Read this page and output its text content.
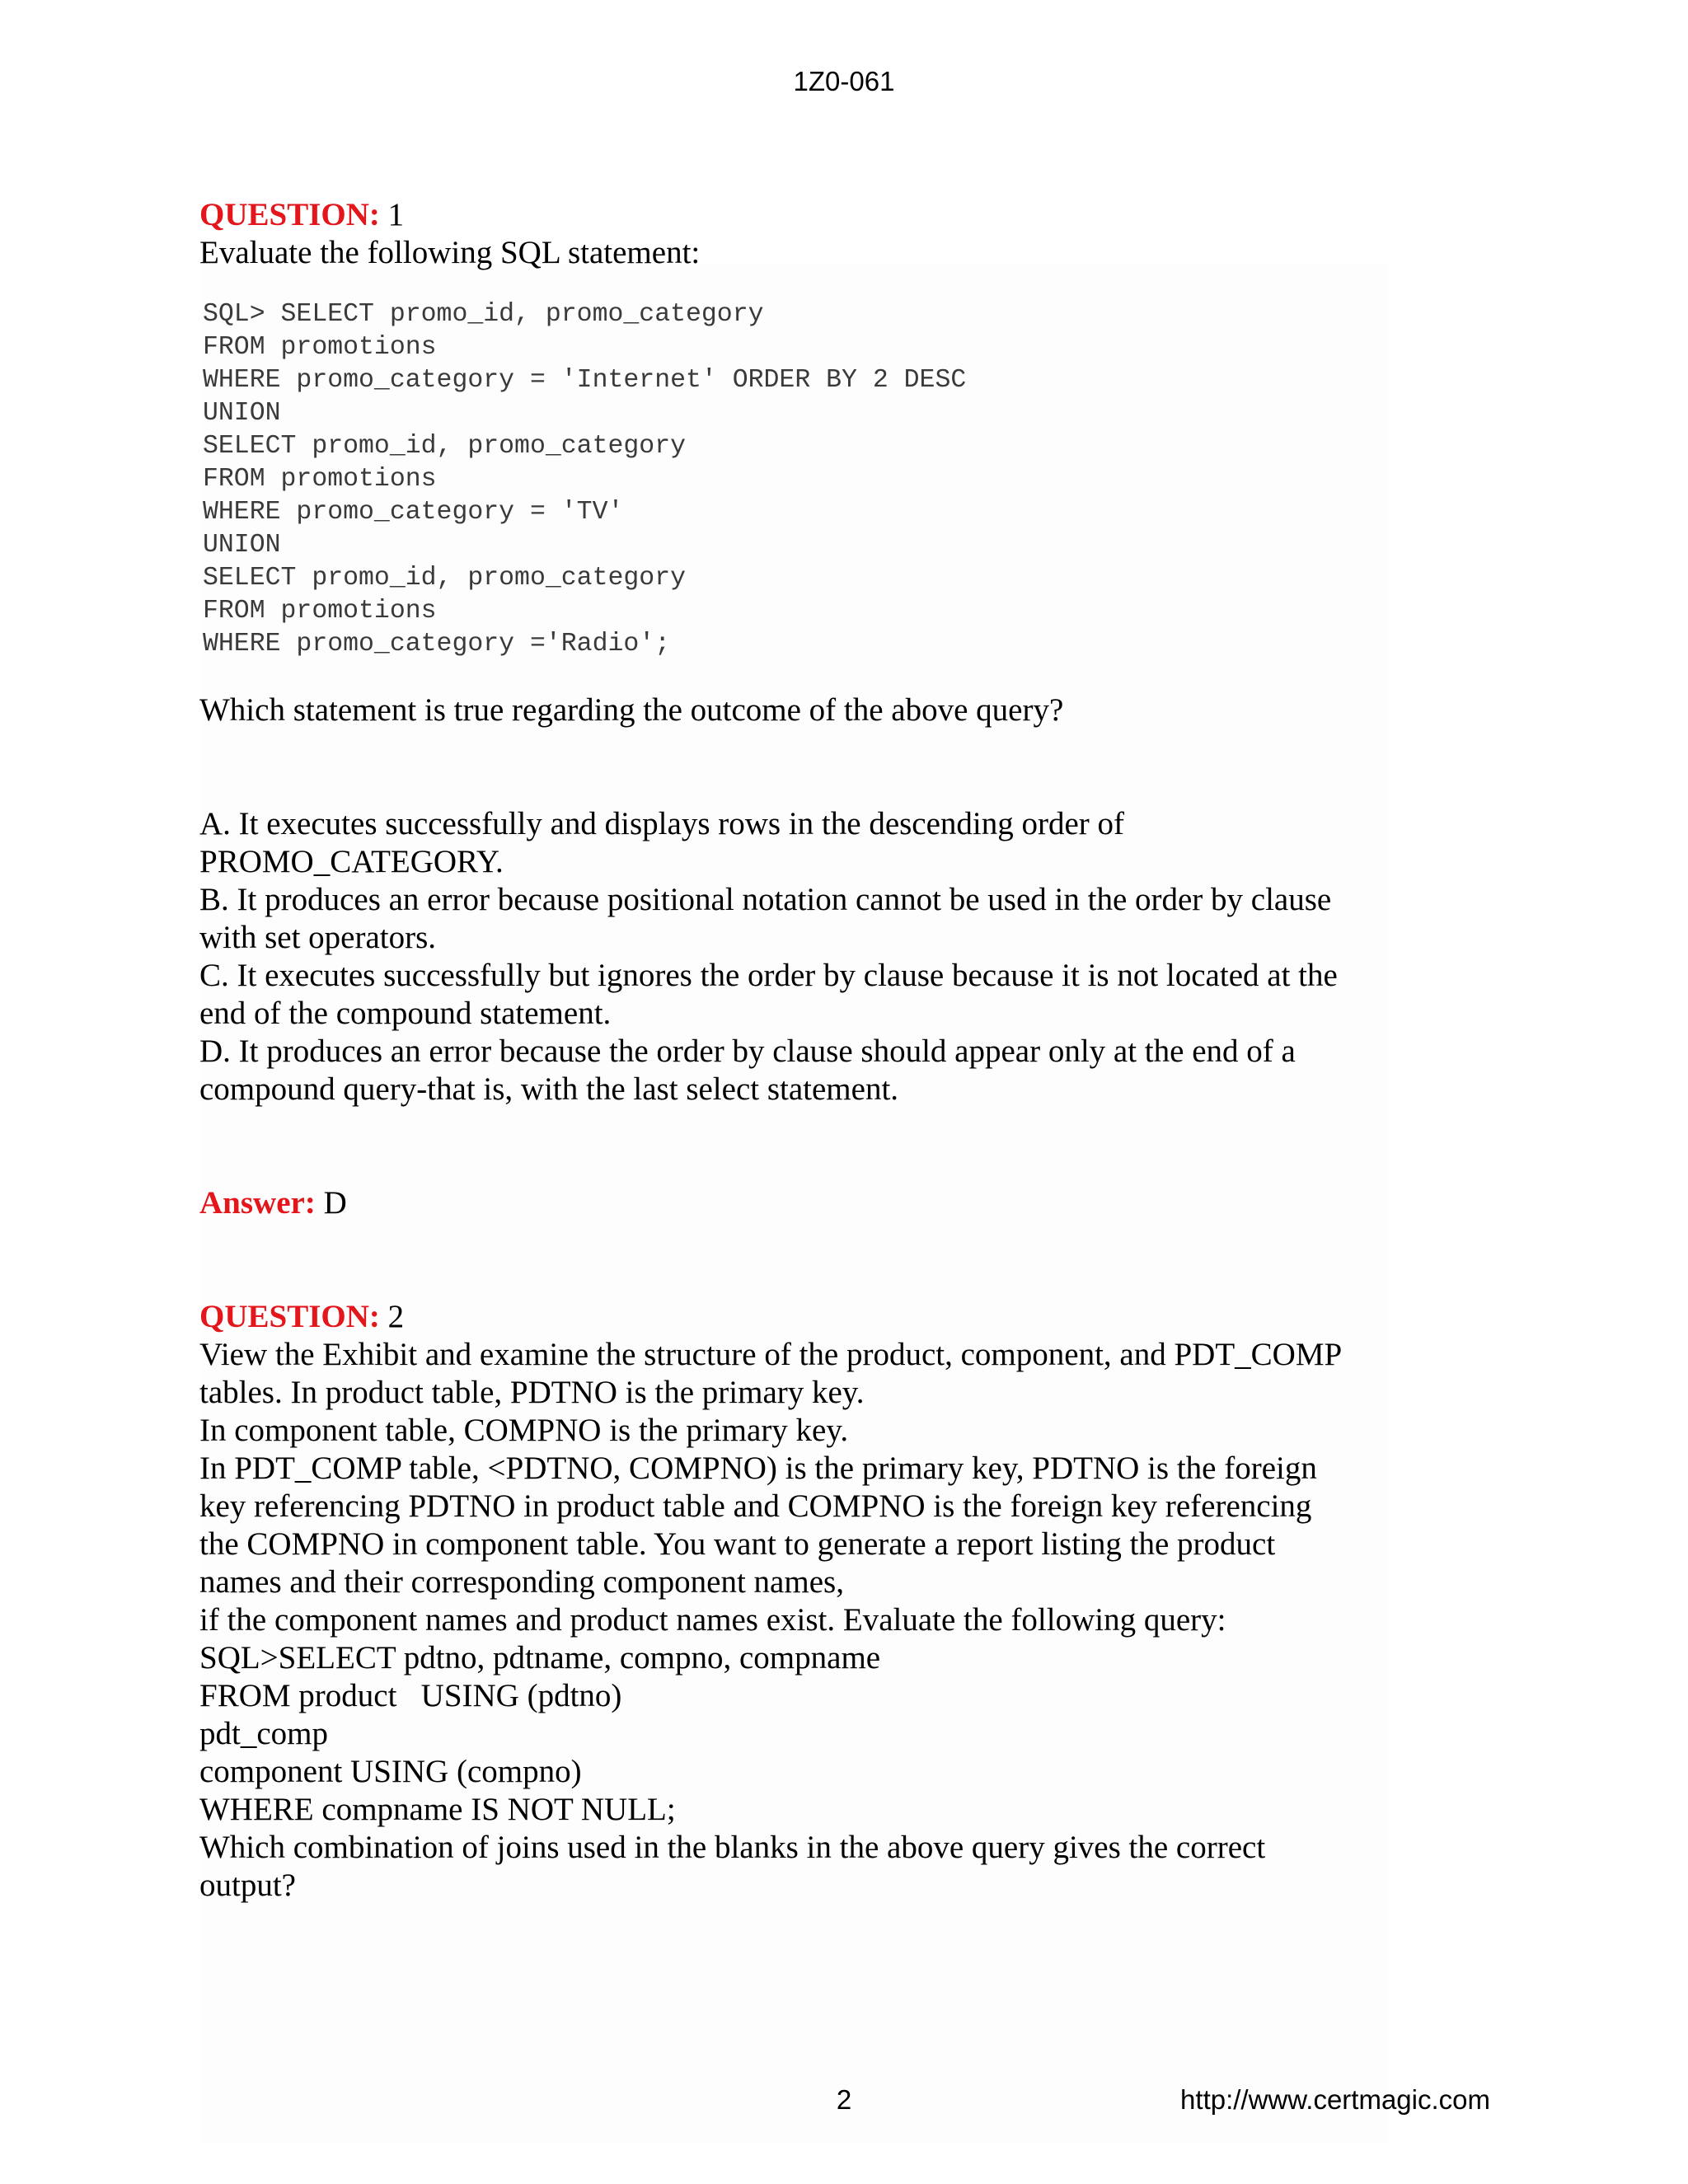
1Z0-061

QUESTION: 1

Evaluate the following SQL statement:

SQL> SELECT promo_id, promo_category
FROM promotions
WHERE promo_category = 'Internet' ORDER BY 2 DESC
UNION
SELECT promo_id, promo_category
FROM promotions
WHERE promo_category = 'TV'
UNION
SELECT promo_id, promo_category
FROM promotions
WHERE promo_category ='Radio';

Which statement is true regarding the outcome of the above query?

A. It executes successfully and displays rows in the descending order of

PROMO_CATEGORY.

B. It produces an error because positional notation cannot be used in the order by clause

with set operators.

C. It executes successfully but ignores the order by clause because it is not located at the

end of the compound statement.

D. It produces an error because the order by clause should appear only at the end of a

compound query-that is, with the last select statement.

Answer: D

QUESTION: 2

View the Exhibit and examine the structure of the product, component, and PDT_COMP

tables. In product table, PDTNO is the primary key.

In component table, COMPNO is the primary key.

In PDT_COMP table, <PDTNO, COMPNO) is the primary key, PDTNO is the foreign

key referencing PDTNO in product table and COMPNO is the foreign key referencing

the COMPNO in component table. You want to generate a report listing the product

names and their corresponding component names,

if the component names and product names exist. Evaluate the following query:

SQL>SELECT pdtno, pdtname, compno, compname

FROM product   USING (pdtno)

pdt_comp

component USING (compno)

WHERE compname IS NOT NULL;

Which combination of joins used in the blanks in the above query gives the correct

output?

2	http://www.certmagic.com
